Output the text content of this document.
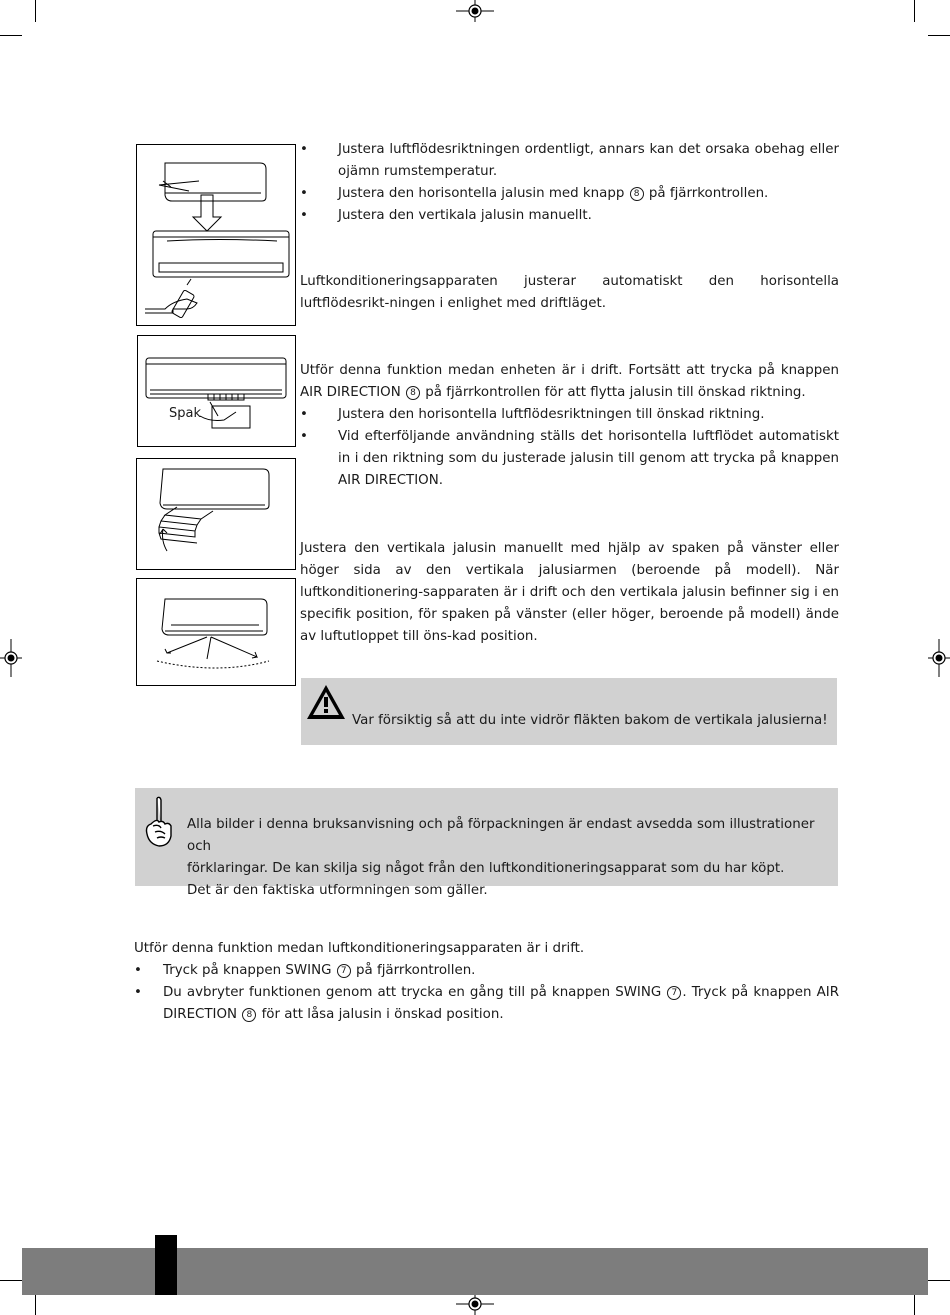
Spak
• Justera luftflödesriktningen ordentligt, annars kan det orsaka obehag eller ojämn rumstemperatur.
• Justera den horisontella jalusin med knapp 8 på fjärrkontrollen.
• Justera den vertikala jalusin manuellt.

Luftkonditioneringsapparaten justerar automatiskt den horisontella luftflödesrikt-ningen i enlighet med driftläget.

Utför denna funktion medan enheten är i drift. Fortsätt att trycka på knappen AIR DIRECTION 8 på fjärrkontrollen för att flytta jalusin till önskad riktning.

• Justera den horisontella luftflödesriktningen till önskad riktning.
• Vid efterföljande användning ställs det horisontella luftflödet automatiskt in i den riktning som du justerade jalusin till genom att trycka på knappen AIR DIRECTION.

Justera den vertikala jalusin manuellt med hjälp av spaken på vänster eller höger sida av den vertikala jalusiarmen (beroende på modell). När luftkonditionering-sapparaten är i drift och den vertikala jalusin befinner sig i en specifik position, för spaken på vänster (eller höger, beroende på modell) ände av luftutloppet till öns-kad position.

Var försiktig så att du inte vidrör fläkten bakom de vertikala jalusierna!
Alla bilder i denna bruksanvisning och på förpackningen är endast avsedda som illustrationer och
förklaringar. De kan skilja sig något från den luftkonditioneringsapparat som du har köpt.
Det är den faktiska utformningen som gäller.
Utför denna funktion medan luftkonditioneringsapparaten är i drift.
• Tryck på knappen SWING 7 på fjärrkontrollen.
• Du avbryter funktionen genom att trycka en gång till på knappen SWING 7 . Tryck på knappen AIR DIRECTION 8 för att låsa jalusin i önskad position.
